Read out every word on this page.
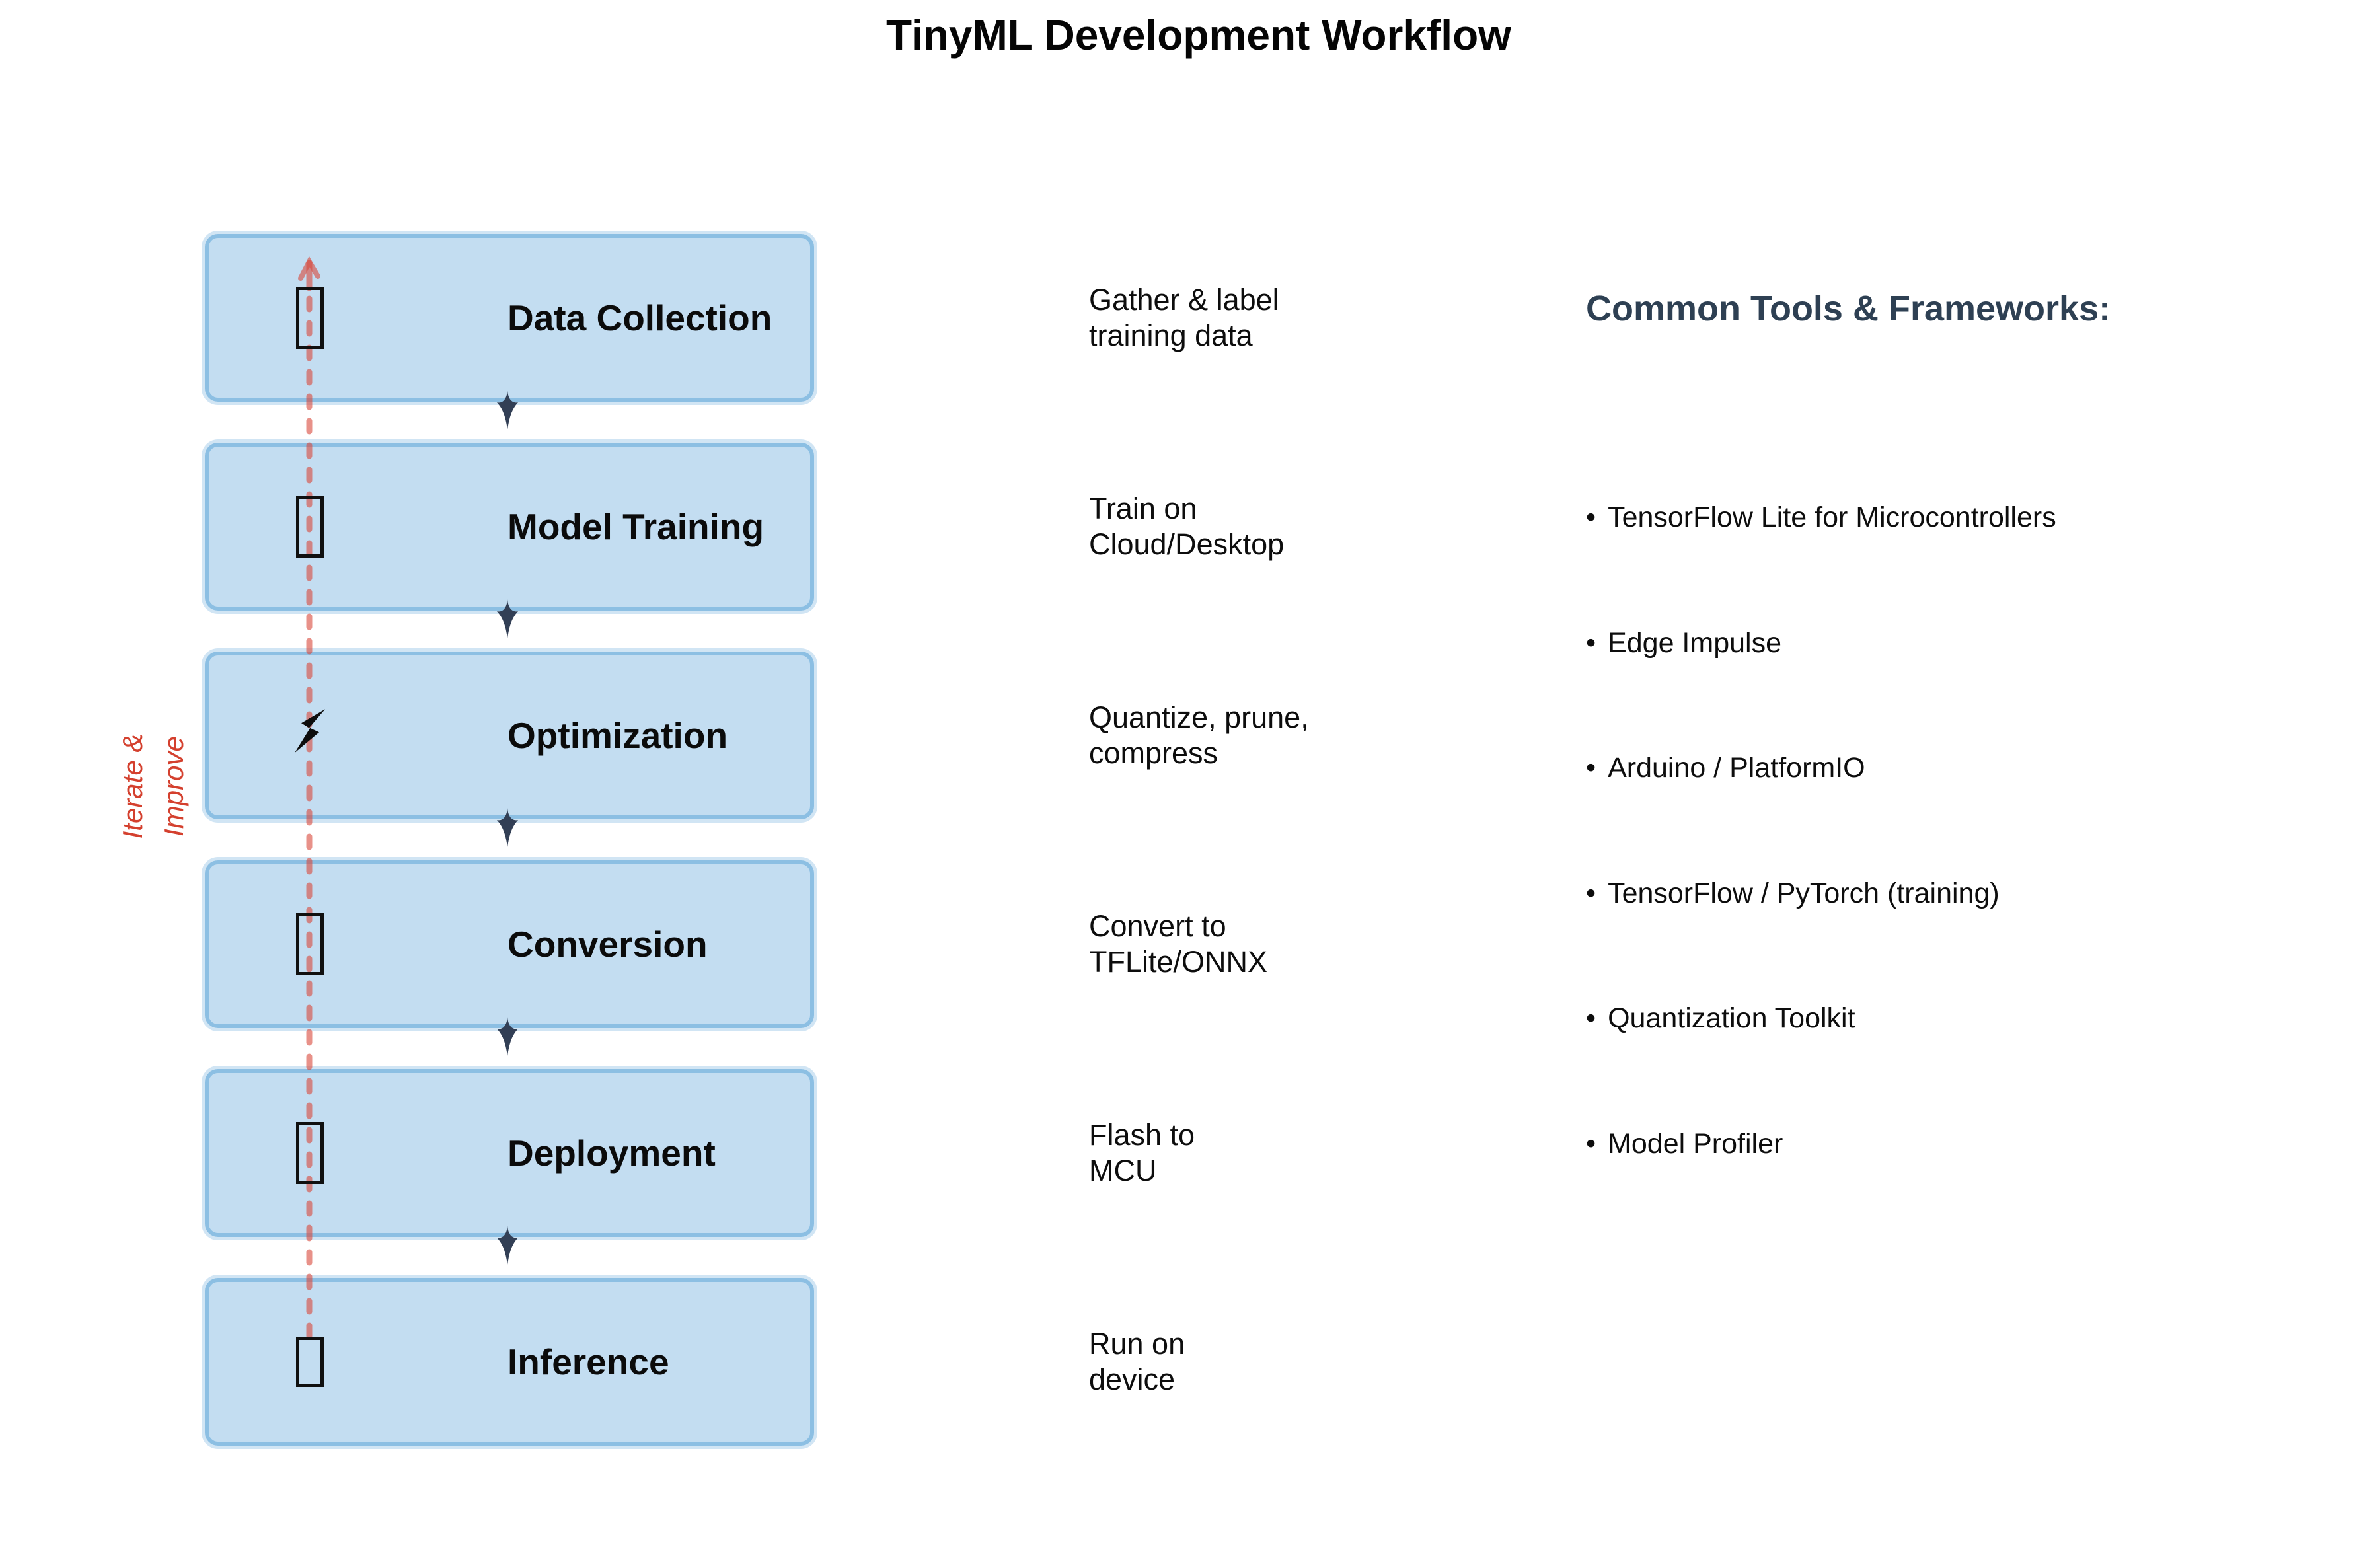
TinyML Development Workflow
Iterate & Improve
Data Collection
Model Training
Optimization
Conversion
Deployment
Inference
Gather & label
training data
Train on
Cloud/Desktop
Quantize, prune,
compress
Convert to
TFLite/ONNX
Flash to
MCU
Run on
device
Common Tools & Frameworks:
• TensorFlow Lite for Microcontrollers
• Edge Impulse
• Arduino / PlatformIO
• TensorFlow / PyTorch (training)
• Quantization Toolkit
• Model Profiler
